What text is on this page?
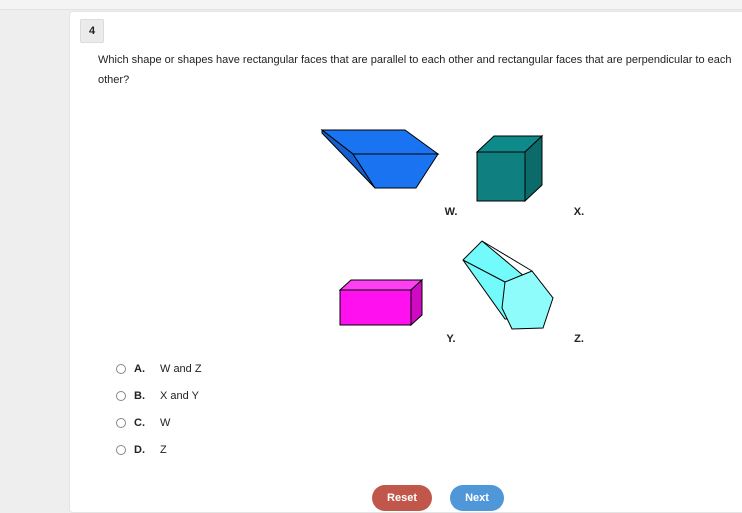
4
Which shape or shapes have rectangular faces that are parallel to each other and rectangular faces that are perpendicular to each other?
W.	X.
Y.	Z.
A.	W and Z
B.	X and Y
C.	W
D.	Z
Reset	Next
